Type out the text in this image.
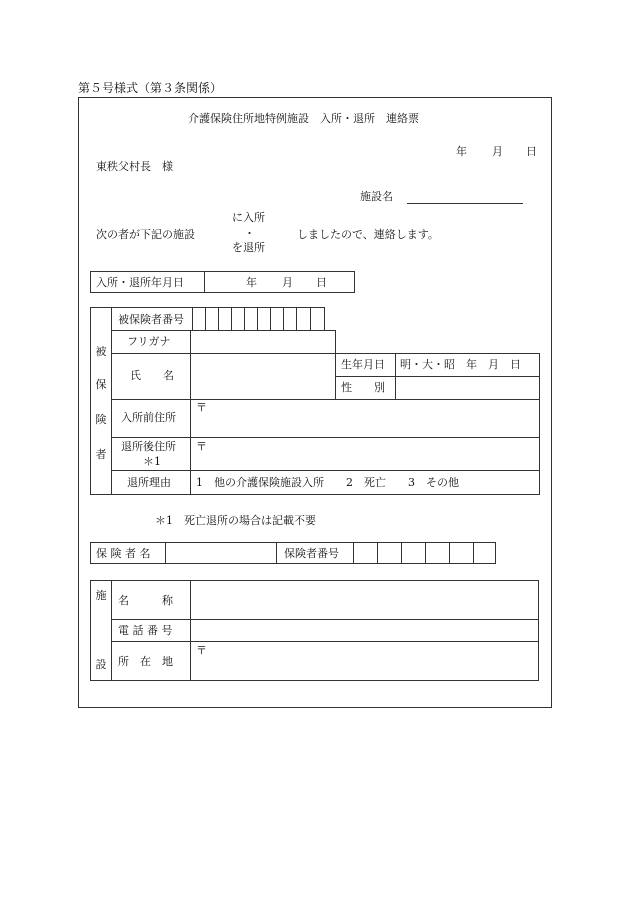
第５号様式（第３条関係）
介護保険住所地特例施設　入所・退所　連絡票
年 月 日
東秩父村長　様
施設名
次の者が下記の施設
に入所
・
を退所
しましたので、連絡します。
入所・退所年月日	年 月 日
被
保
険
者
被保険者番号
フリガナ
氏　　名
生年月日 明・大・昭　年　月　日
性　　別
入所前住所
〒
退所後住所
＊1
〒
退所理由 1　他の介護保険施設入所　　2　死亡　　3　その他
＊1　死亡退所の場合は記載不要
保 険 者 名	保険者番号
施
設
名　　　称
電 話 番 号
所　在　地
〒
